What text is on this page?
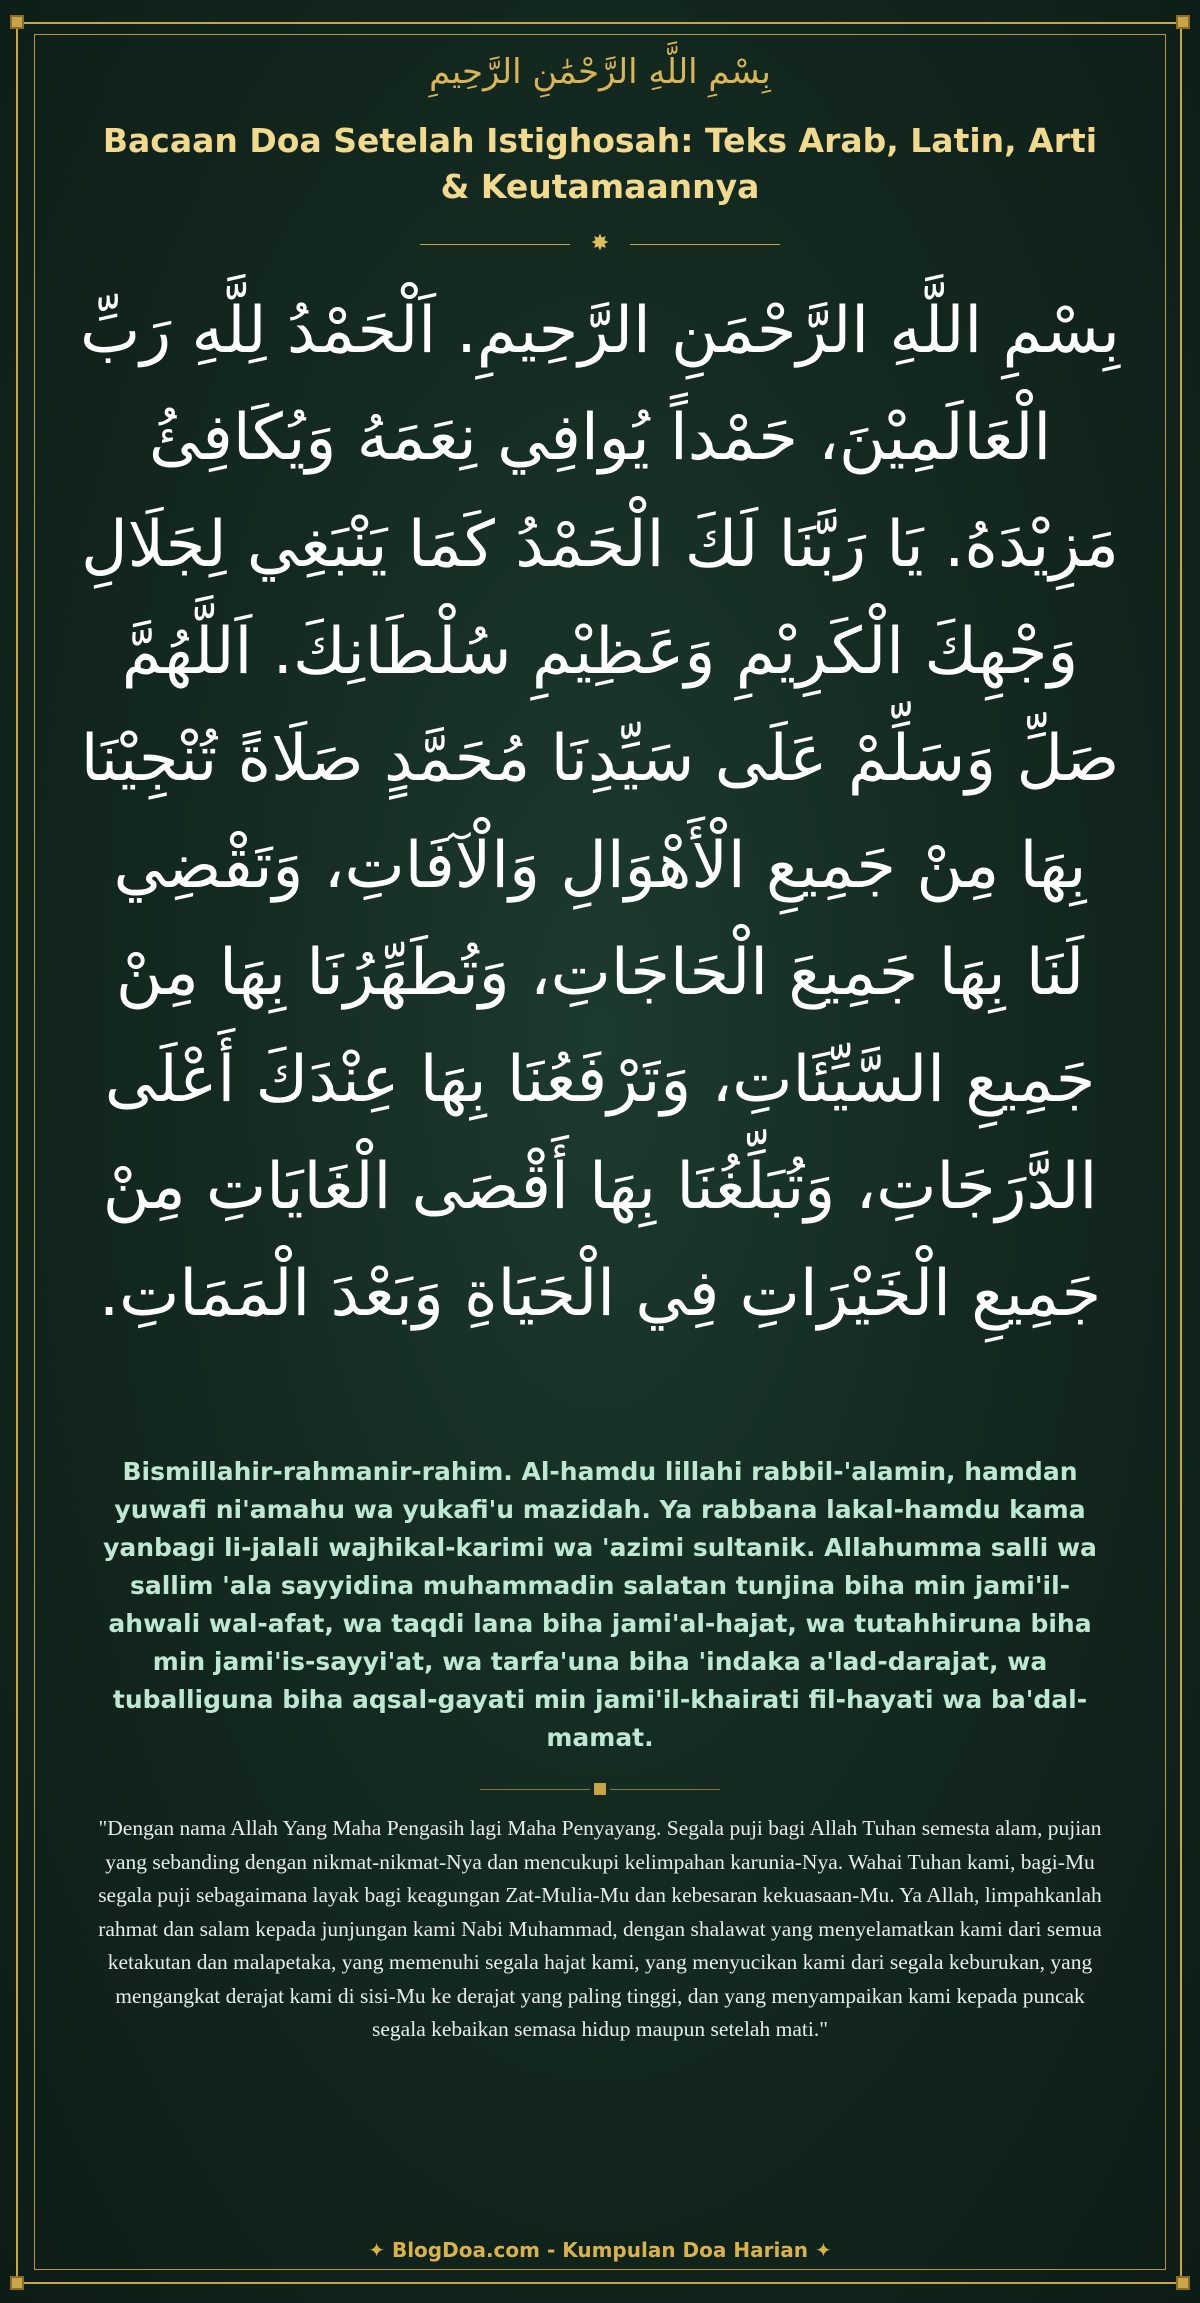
بِسْمِ اللَّهِ الرَّحْمَٰنِ الرَّحِيمِ
Bacaan Doa Setelah Istighosah: Teks Arab, Latin, Arti & Keutamaannya
✸
بِسْمِ اللَّهِ الرَّحْمَنِ الرَّحِيمِ. اَلْحَمْدُ لِلَّهِ رَبِّ الْعَالَمِيْنَ، حَمْداً يُوافِي نِعَمَهُ وَيُكَافِئُ مَزِيْدَهُ. يَا رَبَّنَا لَكَ الْحَمْدُ كَمَا يَنْبَغِي لِجَلَالِ وَجْهِكَ الْكَرِيْمِ وَعَظِيْمِ سُلْطَانِكَ. اَللَّهُمَّ صَلِّ وَسَلِّمْ عَلَى سَيِّدِنَا مُحَمَّدٍ صَلَاةً تُنْجِيْنَا بِهَا مِنْ جَمِيعِ الْأَهْوَالِ وَالْآفَاتِ، وَتَقْضِي لَنَا بِهَا جَمِيعَ الْحَاجَاتِ، وَتُطَهِّرُنَا بِهَا مِنْ جَمِيعِ السَّيِّئَاتِ، وَتَرْفَعُنَا بِهَا عِنْدَكَ أَعْلَى الدَّرَجَاتِ، وَتُبَلِّغُنَا بِهَا أَقْصَى الْغَايَاتِ مِنْ جَمِيعِ الْخَيْرَاتِ فِي الْحَيَاةِ وَبَعْدَ الْمَمَاتِ.
Bismillahir-rahmanir-rahim. Al-hamdu lillahi rabbil-'alamin, hamdan yuwafi ni'amahu wa yukafi'u mazidah. Ya rabbana lakal-hamdu kama yanbagi li-jalali wajhikal-karimi wa 'azimi sultanik. Allahumma salli wa sallim 'ala sayyidina muhammadin salatan tunjina biha min jami'il-ahwali wal-afat, wa taqdi lana biha jami'al-hajat, wa tutahhiruna biha min jami'is-sayyi'at, wa tarfa'una biha 'indaka a'lad-darajat, wa tuballiguna biha aqsal-gayati min jami'il-khairati fil-hayati wa ba'dal-mamat.
"Dengan nama Allah Yang Maha Pengasih lagi Maha Penyayang. Segala puji bagi Allah Tuhan semesta alam, pujian yang sebanding dengan nikmat-nikmat-Nya dan mencukupi kelimpahan karunia-Nya. Wahai Tuhan kami, bagi-Mu segala puji sebagaimana layak bagi keagungan Zat-Mulia-Mu dan kebesaran kekuasaan-Mu. Ya Allah, limpahkanlah rahmat dan salam kepada junjungan kami Nabi Muhammad, dengan shalawat yang menyelamatkan kami dari semua ketakutan dan malapetaka, yang memenuhi segala hajat kami, yang menyucikan kami dari segala keburukan, yang mengangkat derajat kami di sisi-Mu ke derajat yang paling tinggi, dan yang menyampaikan kami kepada puncak segala kebaikan semasa hidup maupun setelah mati."
✦ BlogDoa.com - Kumpulan Doa Harian ✦
